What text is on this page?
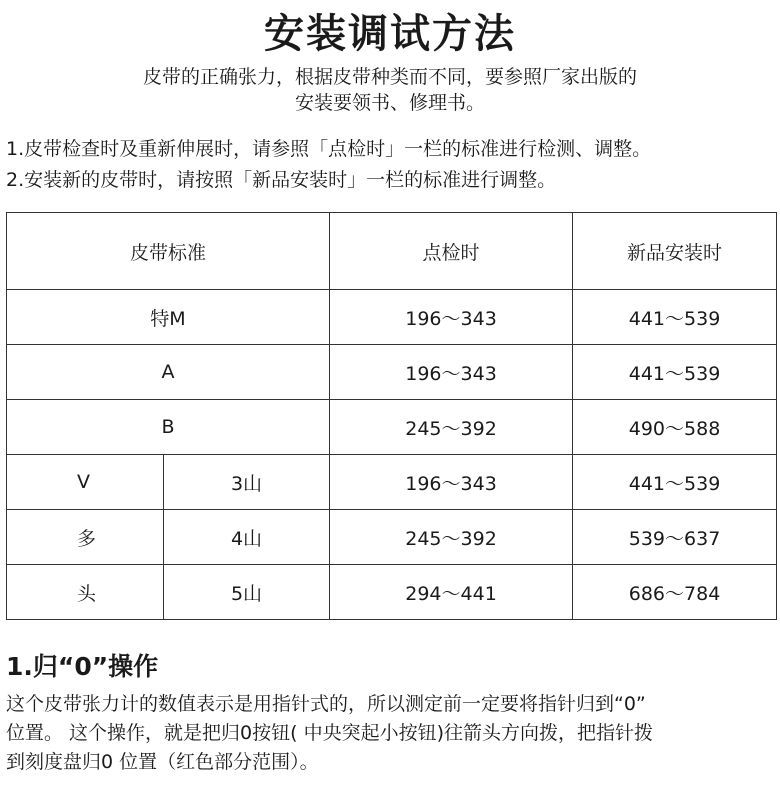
安装调试方法
皮带的正确张力，根据皮带种类而不同，要参照厂家出版的
安装要领书、修理书。
1.皮带检查时及重新伸展时，请参照「点检时」一栏的标准进行检测、调整。
2.安装新的皮带时，请按照「新品安装时」一栏的标准进行调整。
皮带标准		点检时	新品安装时
特M		196～343	441～539
A		196～343	441～539
B		245～392	490～588
V	3山	196～343	441～539
多	4山	245～392	539～637
头	5山	294～441	686～784
1.归“0”操作
这个皮带张力计的数值表示是用指针式的，所以测定前一定要将指针归到“0”
位置。 这个操作，就是把归0按钮( 中央突起小按钮)往箭头方向拨，把指针拨
到刻度盘归0 位置（红色部分范围）。
